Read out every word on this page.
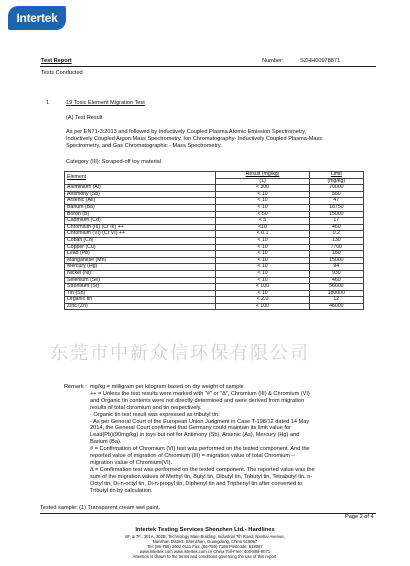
Intertek
Test Report	Number:	SZHH00978871
Tests Conducted
1	19 Toxic Element Migration Test
(A) Test Result
As per EN71-3:2013 and followed by Inductively Coupled Plasma Atomic Emission Spectrometry,
Inductively Coupled Argon Mass Spectrometry, Ion Chromatography- Inductively Coupled Plasma-Mass
Spectrometry, and Gas Chromatographic - Mass Spectrometry.
Category (III): Scraped-off toy material
Element	Result (mg/kg)	Limit
	(1)	(mg/kg)
Aluminium (Al)	< 300	70000
Antimony (Sb)	< 10	560
Arsenic (As)	< 10	47
Barium (Ba)	< 10	18750
Boron (B)	< 50	15000
Cadmium (Cd)	< 5	17
Chromium (III) (Cr III) ++	<10	460
Chromium (VI) (Cr VI) ++	< 0.1	0.2
Cobalt (Co)	< 10	130
Copper (Cu)	< 10	7700
Lead (Pb)	< 10	160
Manganese (Mn)	< 10	15000
Mercury (Hg)	< 10	94
Nickel (Ni)	< 10	930
Selenium (Se)	< 10	460
Strontium (Sr)	< 100	56000
Tin (Sn)	< 10	180000
Organic tin	< 2.0	12
Zinc (Zn)	< 100	46000
东莞市中新众信环保有限公司
Remark : mg/kg = milligram per kilogram based on dry weight of sample
++ = Unless the test results were marked with "#" or "Δ", Chromium (III) & Chromium (VI)
and Organic tin contents were not directly determined and were derived from migration
results of total chromium and tin respectively.
- Organic tin test result was expressed as tributyl tin.
- As per General Court of the European Union Judgment in Case T-198/12 dated 14 May
2014, the General Court confirmed that Germany could maintain its limit value for
Lead(Pb)(90mg/kg) in toys but not for Antimony (Sb), Arsenic (As), Mercury (Hg) and
Barium (Ba).
# = Confirmation of Chromium (VI) test was performed on the tested component. And the
reported value of migration of Chromium (III) = migration value of total Chromium –
migration value of Chromium(VI).
Δ = Confirmation test was performed on the tested component. The reported value was the
sum of the migration values of Methyl tin, Butyl tin, Dibutyl tin, Tributyl tin, Tetrabutyl tin, n-
Octyl tin, Di-n-octyl tin, Di-n-propyl tin, Diphenyl tin and Triphenyl tin after converted to
Tributyl tin by calculation.
Tested sample: (1) Transparent cream wet paint.
Page 2 of 4
Intertek Testing Services Shenzhen Ltd.- Hardlines
6F, & 7F., 301A, 302B, Technology Main Building, Industrial 7th Road, Nanhai Avenue,
Nanshan District, Shenzhen, Guangdong, China 518067
Tel: (86-755) 2602 0111 Fax: (86-755) 7189 Postcode: 518067
www.intertek.com www.intertek.com.cn China Toll-Free: 400-888-9071
Attention is drawn to the terms and conditions governing the use of this report.
